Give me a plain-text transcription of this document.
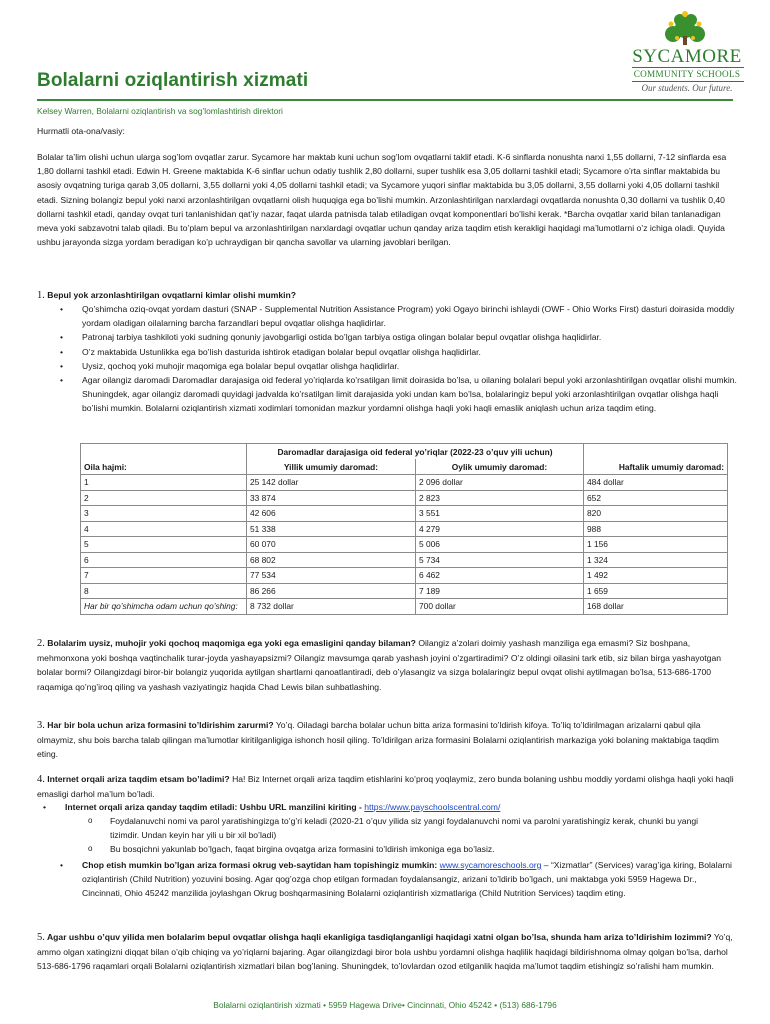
Bolalarni oziqlantirish xizmati
Kelsey Warren, Bolalarni oziqlantirish va sog’lomlashtirish direktori
SYCAMORE
COMMUNITY SCHOOLS
Our students. Our future.
Hurmatli ota-ona/vasiy:
Bolalar ta’lim olishi uchun ularga sog’lom ovqatlar zarur. Sycamore har maktab kuni uchun sog’lom ovqatlarni taklif etadi. K-6 sinflarda nonushta narxi 1,55 dollarni, 7-12 sinflarda esa 1,80 dollarni tashkil etadi. Edwin H. Greene maktabida K-6 sinflar uchun odatiy tushlik 2,80 dollarni, super tushlik esa 3,05 dollarni tashkil etadi; Sycamore o’rta sinflar maktabida bu asosiy ovqatning turiga qarab 3,05 dollarni, 3,55 dollarni yoki 4,05 dollarni tashkil etadi; va Sycamore yuqori sinflar maktabida bu 3,05 dollarni, 3,55 dollarni yoki 4,05 dollarni tashkil etadi. Sizning bolangiz bepul yoki narxi arzonlashtirilgan ovqatlarni olish huquqiga ega bo’lishi mumkin. Arzonlashtirilgan narxlardagi ovqatlarda nonushta 0,30 dollarni va tushlik 0,40 dollarni tashkil etadi, qanday ovqat turi tanlanishidan qat’iy nazar, faqat ularda patnisda talab etiladigan ovqat komponentlari bo’lishi kerak. *Barcha ovqatlar xarid bilan tanlanadigan meva yoki sabzavotni talab qiladi. Bu to’plam bepul va arzonlashtirilgan narxlardagi ovqatlar uchun qanday ariza taqdim etish kerakligi haqidagi ma’lumotlarni o’z ichiga oladi. Quyida ushbu jarayonda sizga yordam beradigan ko’p uchraydigan bir qancha savollar va ularning javoblari berilgan.
1. Bepul yok arzonlashtirilgan ovqatlarni kimlar olishi mumkin?
• Qo’shimcha oziq-ovqat yordam dasturi (SNAP - Supplemental Nutrition Assistance Program) yoki Ogayo birinchi ishlaydi (OWF - Ohio Works First) dasturi doirasida moddiy yordam oladigan oilalarning barcha farzandlari bepul ovqatlar olishga haqlidirlar.
• Patronaj tarbiya tashkiloti yoki sudning qonuniy javobgarligi ostida bo’lgan tarbiya ostiga olingan bolalar bepul ovqatlar olishga haqlidirlar.
• O’z maktabida Ustunlikka ega bo’lish dasturida ishtirok etadigan bolalar bepul ovqatlar olishga haqlidirlar.
• Uysiz, qochoq yoki muhojir maqomiga ega bolalar bepul ovqatlar olishga haqlidirlar.
• Agar oilangiz daromadi Daromadlar darajasiga oid federal yo’riqlarda ko’rsatilgan limit doirasida bo’lsa, u oilaning bolalari bepul yoki arzonlashtirilgan ovqatlar olishi mumkin. Shuningdek, agar oilangiz daromadi quyidagi jadvalda ko’rsatilgan limit darajasida yoki undan kam bo’lsa, bolalaringiz bepul yoki arzonlashtirilgan ovqatlar olishga haqli bo’lishi mumkin. Bolalarni oziqlantirish xizmati xodimlari tomonidan mazkur yordamni olishga haqli yoki haqli emaslik aniqlash uchun ariza taqdim eting.
	Daromadlar darajasiga oid federal yo’riqlar (2022-23 o’quv yili uchun)		
Oila hajmi:	Yillik umumiy daromad:	Oylik umumiy daromad:	Haftalik umumiy daromad:
1	25 142 dollar	2 096 dollar	484 dollar
2	33 874	2 823	652
3	42 606	3 551	820
4	51 338	4 279	988
5	60 070	5 006	1 156
6	68 802	5 734	1 324
7	77 534	6 462	1 492
8	86 266	7 189	1 659
Har bir qo’shimcha odam uchun qo’shing:	8 732 dollar	700 dollar	168 dollar
2. Bolalarim uysiz, muhojir yoki qochoq maqomiga ega yoki ega emasligini qanday bilaman? Oilangiz a’zolari doimiy yashash manziliga ega emasmi? Siz boshpana, mehmonxona yoki boshqa vaqtinchalik turar-joyda yashayapsizmi? Oilangiz mavsumga qarab yashash joyini o’zgartiradimi? O’z oldingi oilasini tark etib, siz bilan birga yashayotgan bolalar bormi? Oilangizdagi biror-bir bolangiz yuqorida aytilgan shartlarni qanoatlantiradi, deb o’ylasangiz va sizga bolalaringiz bepul ovqat olishi aytilmagan bo’lsa, 513-686-1700 raqamiga qo’ng’iroq qiling va yashash vaziyatingiz haqida Chad Lewis bilan suhbatlashing.
3. Har bir bola uchun ariza formasini to’ldirishim zarurmi? Yo’q. Oiladagi barcha bolalar uchun bitta ariza formasini to’ldirish kifoya. To’liq to’ldirilmagan arizalarni qabul qila olmaymiz, shu bois barcha talab qilingan ma’lumotlar kiritilganligiga ishonch hosil qiling. To’ldirilgan ariza formasini Bolalarni oziqlantirish markaziga yoki bolaning maktabiga taqdim eting.
4. Internet orqali ariza taqdim etsam bo’ladimi? Ha! Biz Internet orqali ariza taqdim etishlarini ko’proq yoqlaymiz, zero bunda bolaning ushbu moddiy yordami olishga haqli yoki haqli emasligi darhol ma’lum bo’ladi.
• Internet orqali ariza qanday taqdim etiladi: Ushbu URL manzilini kiriting - https://www.payschoolscentral.com/
o Foydalanuvchi nomi va parol yaratishingizga to’g’ri keladi (2020-21 o’quv yilida siz yangi foydalanuvchi nomi va parolni yaratishingiz kerak, chunki bu yangi tizimdir. Undan keyin har yili u bir xil bo’ladi)
o Bu bosqichni yakunlab bo’lgach, faqat birgina ovqatga ariza formasini to’ldirish imkoniga ega bo’lasiz.
• Chop etish mumkin bo’lgan ariza formasi okrug veb-saytidan ham topishingiz mumkin: www.sycamoreschools.org – “Xizmatlar” (Services) varag’iga kiring, Bolalarni oziqlantirish (Child Nutrition) yozuvini bosing. Agar qog’ozga chop etilgan formadan foydalansangiz, arizani to’ldirib bo’lgach, uni maktabga yoki 5959 Hagewa Dr., Cincinnati, Ohio 45242 manzilida joylashgan Okrug boshqarmasining Bolalarni oziqlantirish xizmatlariga (Child Nutrition Services) taqdim eting.
5. Agar ushbu o’quv yilida men bolalarim bepul ovqatlar olishga haqli ekanligiga tasdiqlanganligi haqidagi xatni olgan bo’lsa, shunda ham ariza to’ldirishim lozimmi? Yo’q, ammo olgan xatingizni diqqat bilan o’qib chiqing va yo’riqlarni bajaring. Agar oilangizdagi biror bola ushbu yordamni olishga haqlilik haqidagi bildirishnoma olmay qolgan bo’lsa, darhol 513-686-1796 raqamlari orqali Bolalarni oziqlantirish xizmatlari bilan bog’laning. Shuningdek, to’lovlardan ozod etilganlik haqida ma’lumot taqdim etishingiz so’ralishi ham mumkin.
Bolalarni oziqlantirish xizmati • 5959 Hagewa Drive• Cincinnati, Ohio 45242 • (513) 686-1796
